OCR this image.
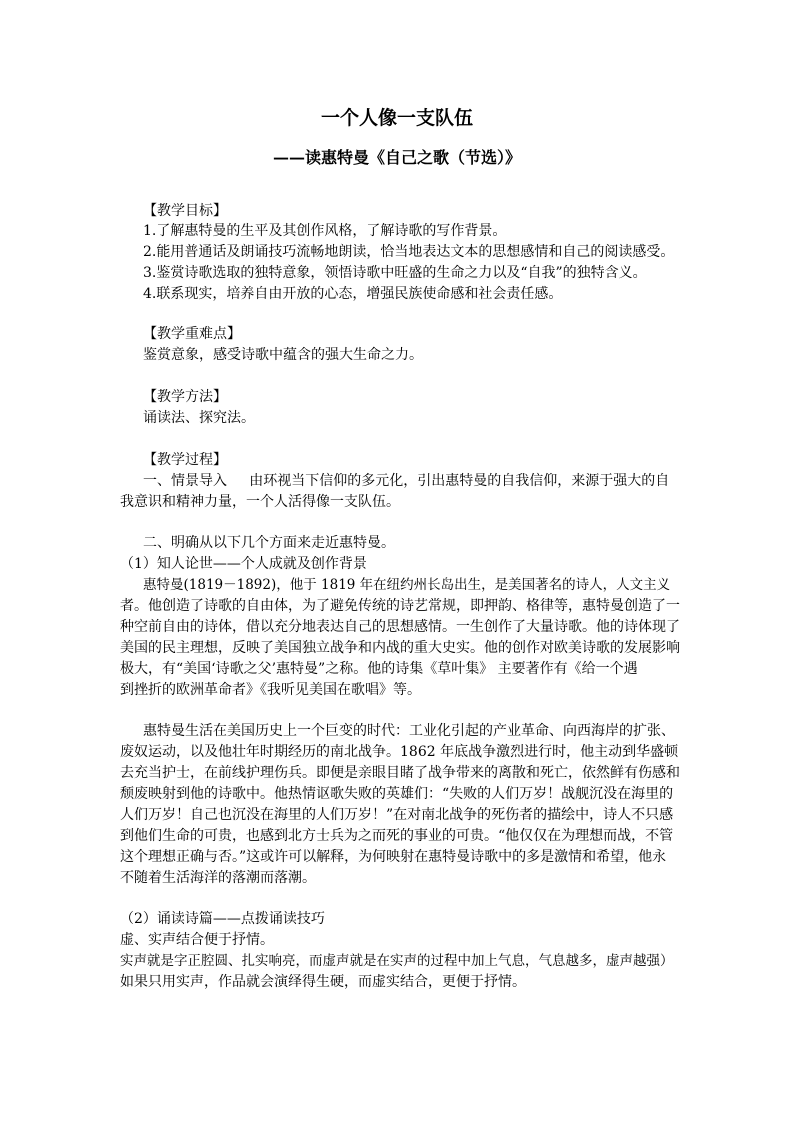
一个人像一支队伍
——读惠特曼《自己之歌（节选）》
【教学目标】
1.了解惠特曼的生平及其创作风格，了解诗歌的写作背景。
2.能用普通话及朗诵技巧流畅地朗读，恰当地表达文本的思想感情和自己的阅读感受。
3.鉴赏诗歌选取的独特意象，领悟诗歌中旺盛的生命之力以及“自我”的独特含义。
4.联系现实，培养自由开放的心态，增强民族使命感和社会责任感。
【教学重难点】
鉴赏意象，感受诗歌中蕴含的强大生命之力。
【教学方法】
诵读法、探究法。
【教学过程】
一、情景导入     由环视当下信仰的多元化，引出惠特曼的自我信仰，来源于强大的自
我意识和精神力量，一个人活得像一支队伍。
二、明确从以下几个方面来走近惠特曼。
（1）知人论世——个人成就及创作背景
惠特曼(1819－1892)，他于 1819 年在纽约州长岛出生，是美国著名的诗人，人文主义
者。他创造了诗歌的自由体，为了避免传统的诗艺常规，即押韵、格律等，惠特曼创造了一
种空前自由的诗体，借以充分地表达自己的思想感情。一生创作了大量诗歌。他的诗体现了
美国的民主理想，反映了美国独立战争和内战的重大史实。他的创作对欧美诗歌的发展影响
极大，有“美国‘诗歌之父’惠特曼”之称。他的诗集《草叶集》 主要著作有《给一个遇
到挫折的欧洲革命者》《我听见美国在歌唱》等。
惠特曼生活在美国历史上一个巨变的时代：工业化引起的产业革命、向西海岸的扩张、
废奴运动，以及他壮年时期经历的南北战争。1862 年底战争激烈进行时，他主动到华盛顿
去充当护士，在前线护理伤兵。即便是亲眼目睹了战争带来的离散和死亡，依然鲜有伤感和
颓废映射到他的诗歌中。他热情讴歌失败的英雄们：“失败的人们万岁！战舰沉没在海里的
人们万岁！自己也沉没在海里的人们万岁！”在对南北战争的死伤者的描绘中，诗人不只感
到他们生命的可贵，也感到北方士兵为之而死的事业的可贵。“他仅仅在为理想而战，不管
这个理想正确与否。”这或许可以解释，为何映射在惠特曼诗歌中的多是激情和希望，他永
不随着生活海洋的落潮而落潮。
（2）诵读诗篇——点拨诵读技巧
虚、实声结合便于抒情。
实声就是字正腔圆、扎实响亮，而虚声就是在实声的过程中加上气息，气息越多，虚声越强）
如果只用实声，作品就会演绎得生硬，而虚实结合，更便于抒情。
